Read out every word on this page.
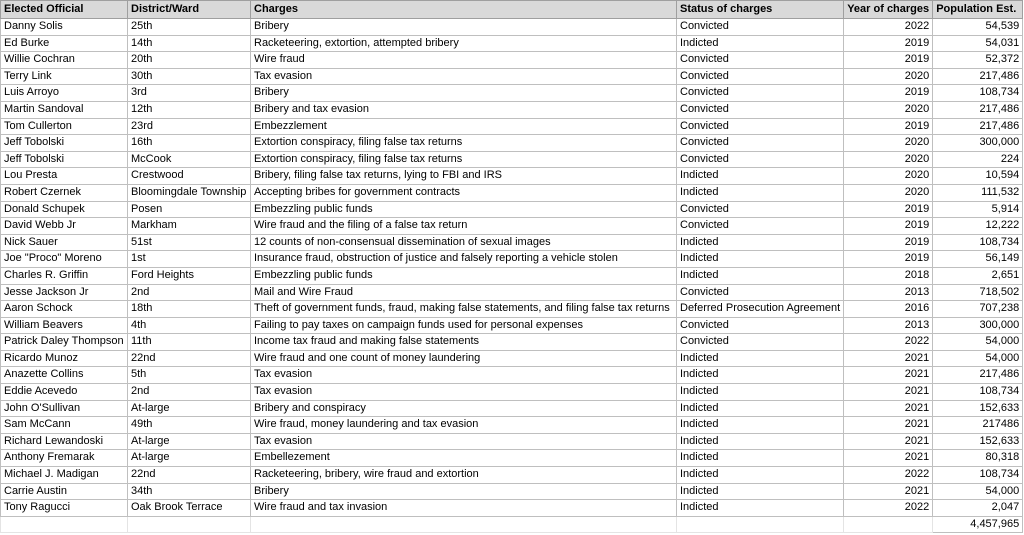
Elected Official	District/Ward	Charges	Status of charges	Year of charges	Population Est.
Danny Solis	25th	Bribery	Convicted	2022	54,539
Ed Burke	14th	Racketeering, extortion, attempted bribery	Indicted	2019	54,031
Willie Cochran	20th	Wire fraud	Convicted	2019	52,372
Terry Link	30th	Tax evasion	Convicted	2020	217,486
Luis Arroyo	3rd	Bribery	Convicted	2019	108,734
Martin Sandoval	12th	Bribery and tax evasion	Convicted	2020	217,486
Tom Cullerton	23rd	Embezzlement	Convicted	2019	217,486
Jeff Tobolski	16th	Extortion conspiracy, filing false tax returns	Convicted	2020	300,000
Jeff Tobolski	McCook	Extortion conspiracy, filing false tax returns	Convicted	2020	224
Lou Presta	Crestwood	Bribery, filing false tax returns, lying to FBI and IRS	Indicted	2020	10,594
Robert Czernek	Bloomingdale Township	Accepting bribes for government contracts	Indicted	2020	111,532
Donald Schupek	Posen	Embezzling public funds	Convicted	2019	5,914
David Webb Jr	Markham	Wire fraud and the filing of a false tax return	Convicted	2019	12,222
Nick Sauer	51st	12 counts of non-consensual dissemination of sexual images	Indicted	2019	108,734
Joe "Proco" Moreno	1st	Insurance fraud, obstruction of justice and falsely reporting a vehicle stolen	Indicted	2019	56,149
Charles R. Griffin	Ford Heights	Embezzling public funds	Indicted	2018	2,651
Jesse Jackson Jr	2nd	Mail and Wire Fraud	Convicted	2013	718,502
Aaron Schock	18th	Theft of government funds, fraud, making false statements, and filing false tax returns	Deferred Prosecution Agreement	2016	707,238
William Beavers	4th	Failing to pay taxes on campaign funds used for personal expenses	Convicted	2013	300,000
Patrick Daley Thompson	11th	Income tax fraud and making false statements	Convicted	2022	54,000
Ricardo Munoz	22nd	Wire fraud and one count of money laundering	Indicted	2021	54,000
Anazette Collins	5th	Tax evasion	Indicted	2021	217,486
Eddie Acevedo	2nd	Tax evasion	Indicted	2021	108,734
John O'Sullivan	At-large	Bribery and conspiracy	Indicted	2021	152,633
Sam McCann	49th	Wire fraud, money laundering and tax evasion	Indicted	2021	217486
Richard Lewandoski	At-large	Tax evasion	Indicted	2021	152,633
Anthony Fremarak	At-large	Embellezement	Indicted	2021	80,318
Michael J. Madigan	22nd	Racketeering, bribery, wire fraud and extortion	Indicted	2022	108,734
Carrie Austin	34th	Bribery	Indicted	2021	54,000
Tony Ragucci	Oak Brook Terrace	Wire fraud and tax invasion	Indicted	2022	2,047
					4,457,965
